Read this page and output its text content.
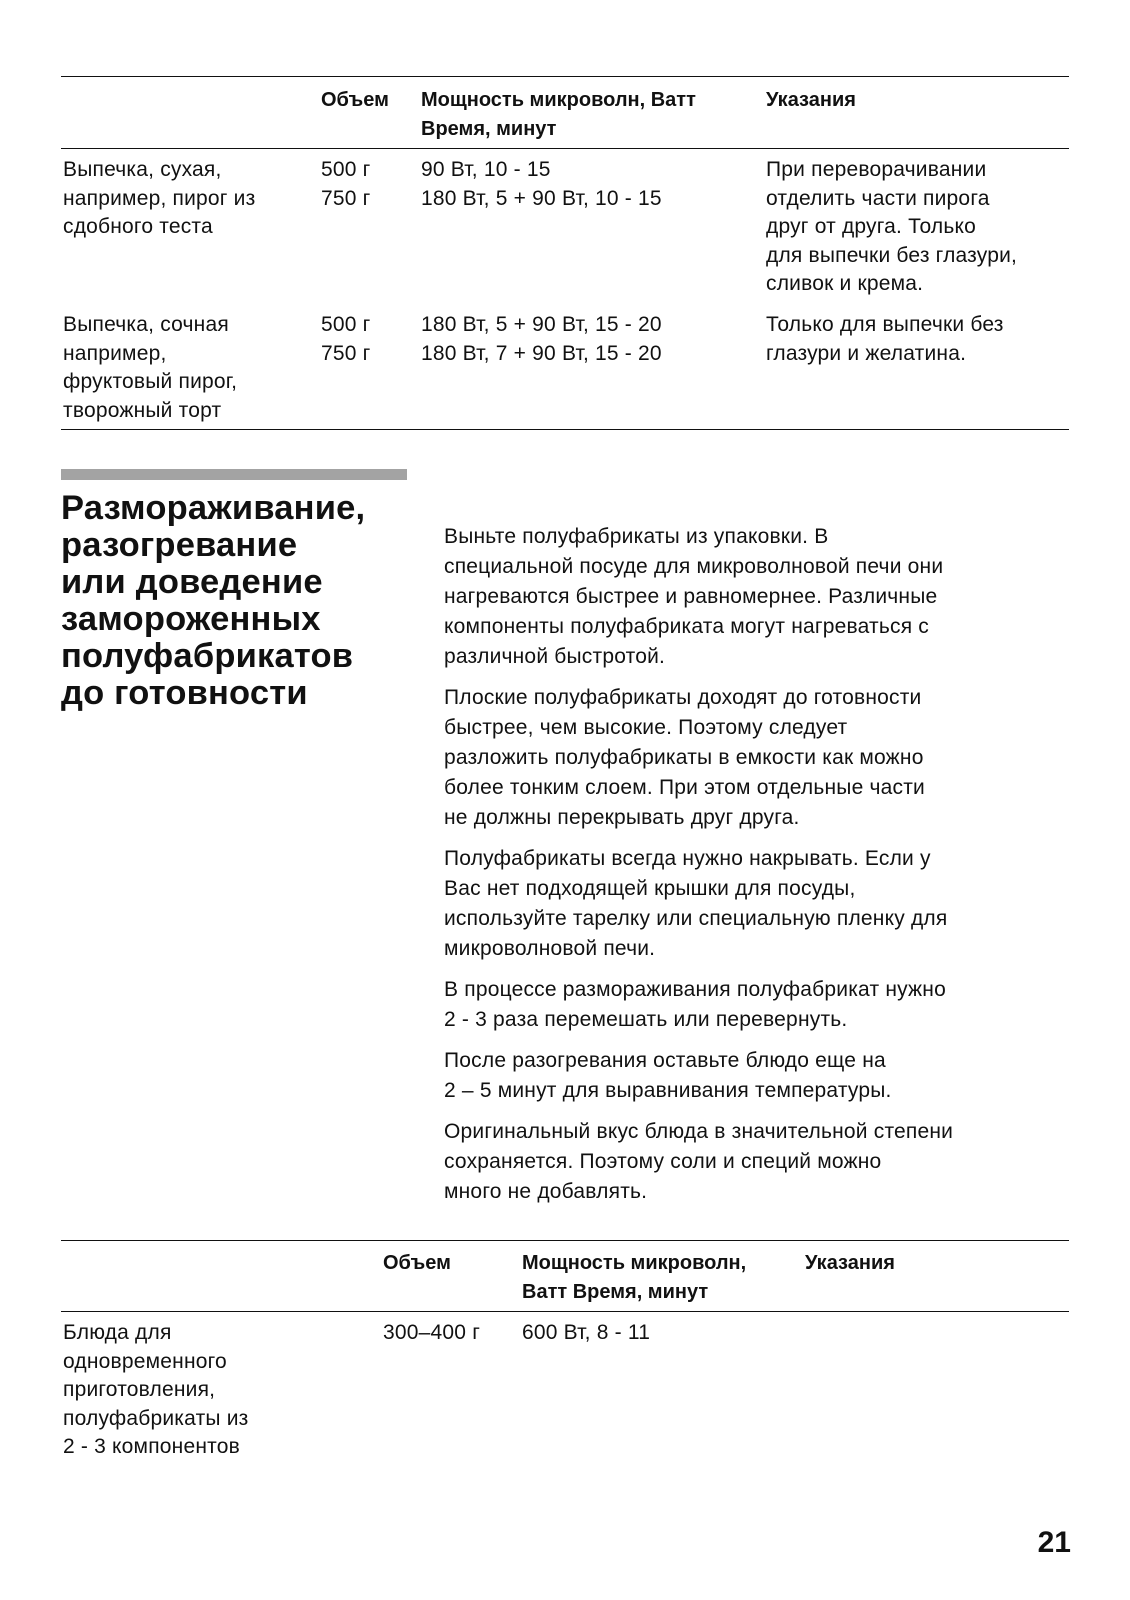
Объем Мощность микроволн, Ватт
Время, минут
Указания
Выпечка, сухая,
например, пирог из
сдобного теста
500 г
750 г
90 Вт, 10 - 15
180 Вт, 5 + 90 Вт, 10 - 15
При переворачивании
отделить части пирога
друг от друга. Только
для выпечки без глазури,
сливок и крема.
Выпечка, сочная
например,
фруктовый пирог,
творожный торт
500 г
750 г
180 Вт, 5 + 90 Вт, 15 - 20
180 Вт, 7 + 90 Вт, 15 - 20
Только для выпечки без
глазури и желатина.
Размораживание,
разогревание
или доведение
замороженных
полуфабрикатов
до готовности

Выньте полуфабрикаты из упаковки. В
специальной посуде для микроволновой печи они
нагреваются быстрее и равномернее. Различные
компоненты полуфабриката могут нагреваться с
различной быстротой.

Плоские полуфабрикаты доходят до готовности
быстрее, чем высокие. Поэтому следует
разложить полуфабрикаты в емкости как можно
более тонким слоем. При этом отдельные части
не должны перекрывать друг друга.

Полуфабрикаты всегда нужно накрывать. Если у
Вас нет подходящей крышки для посуды,
используйте тарелку или специальную пленку для
микроволновой печи.

В процессе размораживания полуфабрикат нужно
2 - 3 раза перемешать или перевернуть.

После разогревания оставьте блюдо еще на
2 – 5 минут для выравнивания температуры.

Оригинальный вкус блюда в значительной степени
сохраняется. Поэтому соли и специй можно
много не добавлять.

Объем	Мощность микроволн,
Ватт Время, минут
Указания
Блюда для
одновременного
приготовления,
полуфабрикаты из
2 - 3 компонентов
300–400 г 600 Вт, 8 - 11
21
